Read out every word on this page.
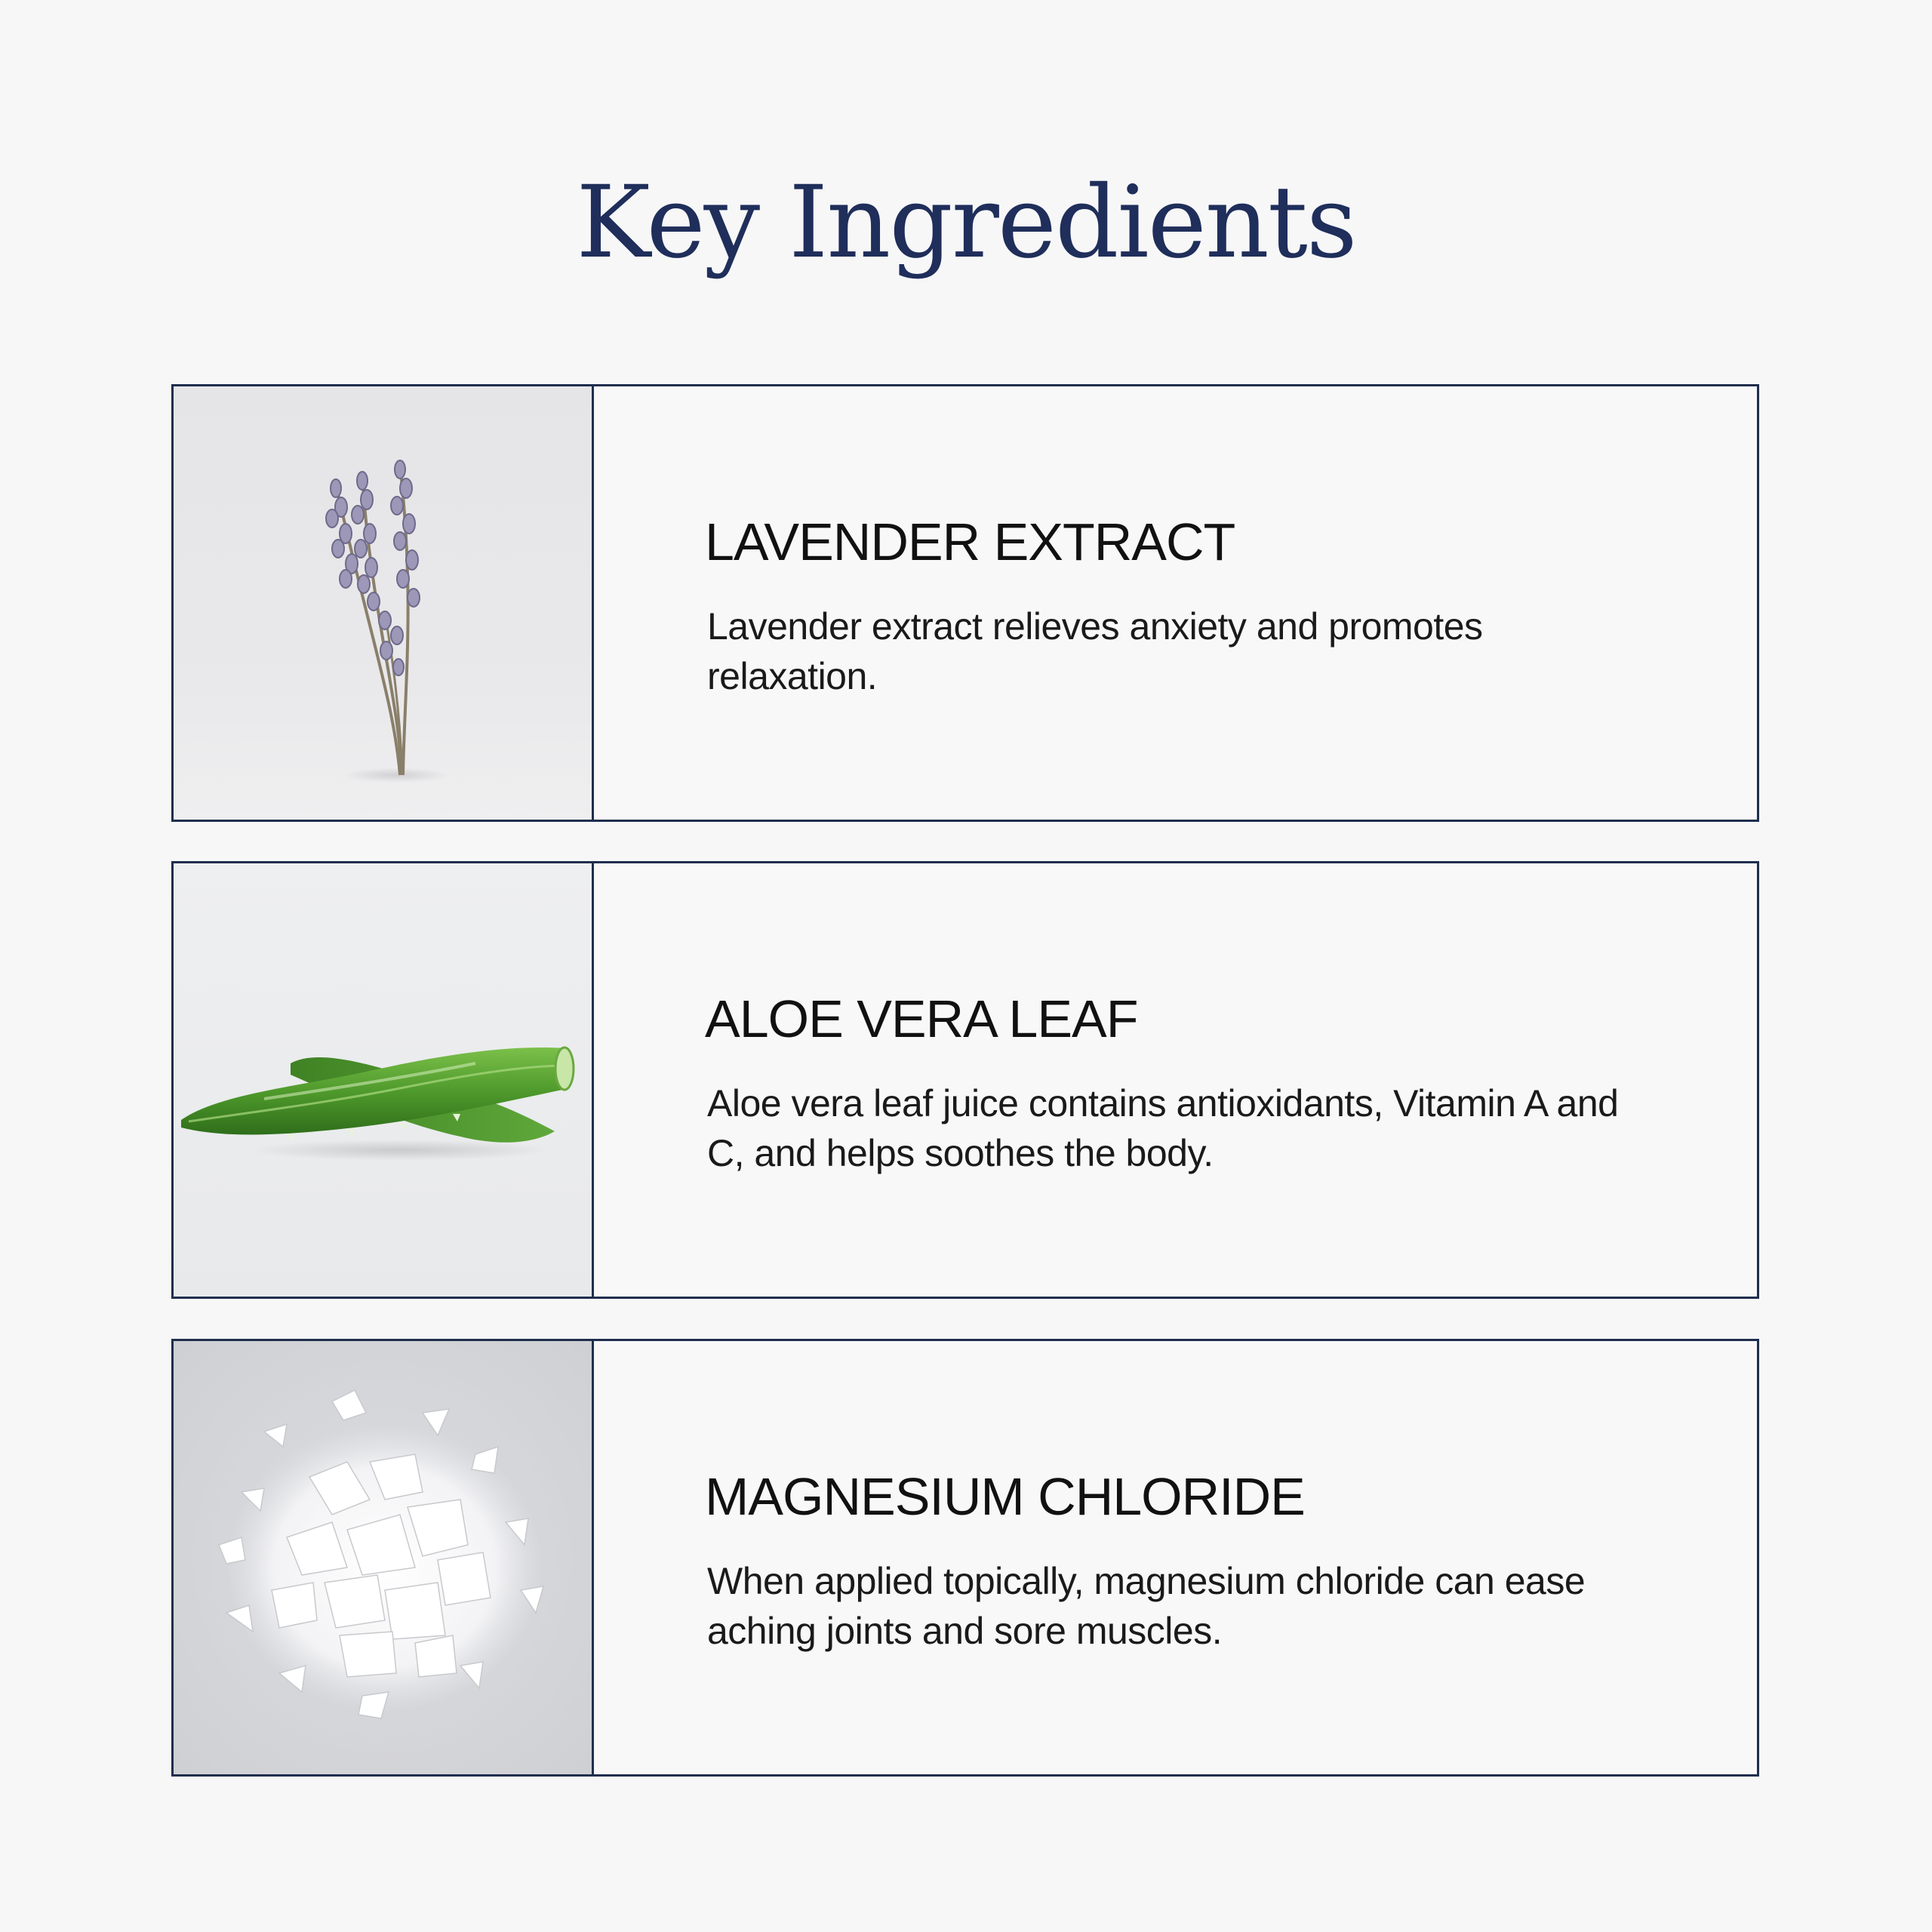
Key Ingredients
LAVENDER EXTRACT

Lavender extract relieves anxiety and promotes relaxation.

ALOE VERA LEAF

Aloe vera leaf juice contains antioxidants, Vitamin A and C, and helps soothes the body.

MAGNESIUM CHLORIDE

When applied topically, magnesium chloride can ease aching joints and sore muscles.
